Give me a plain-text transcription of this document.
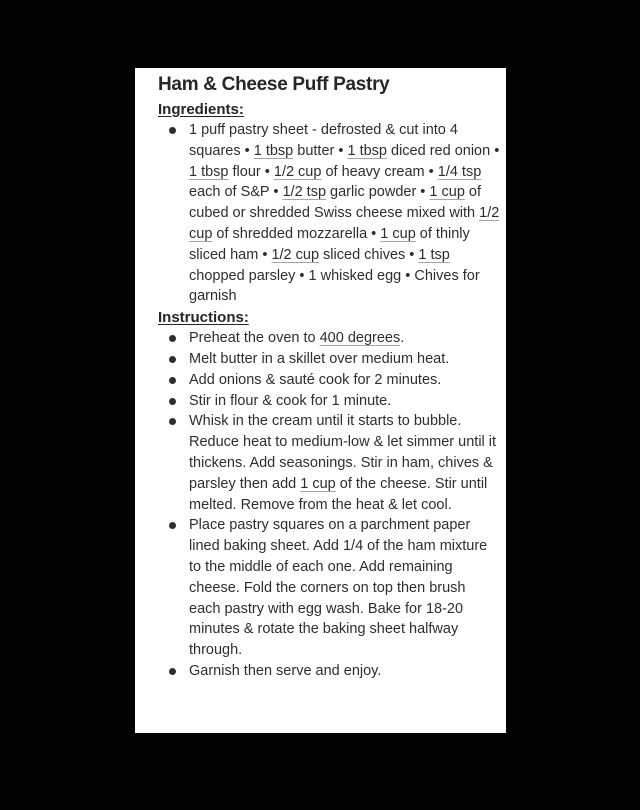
Ham & Cheese Puff Pastry
Ingredients:
1 puff pastry sheet - defrosted & cut into 4 squares • 1 tbsp butter • 1 tbsp diced red onion • 1 tbsp flour • 1/2 cup of heavy cream • 1/4 tsp each of S&P • 1/2 tsp garlic powder • 1 cup of cubed or shredded Swiss cheese mixed with 1/2 cup of shredded mozzarella • 1 cup of thinly sliced ham • 1/2 cup sliced chives • 1 tsp chopped parsley • 1 whisked egg • Chives for garnish
Instructions:
Preheat the oven to 400 degrees.
Melt butter in a skillet over medium heat.
Add onions & sauté cook for 2 minutes.
Stir in flour & cook for 1 minute.
Whisk in the cream until it starts to bubble. Reduce heat to medium-low & let simmer until it thickens. Add seasonings. Stir in ham, chives & parsley then add 1 cup of the cheese. Stir until melted. Remove from the heat & let cool.
Place pastry squares on a parchment paper lined baking sheet. Add 1/4 of the ham mixture to the middle of each one. Add remaining cheese. Fold the corners on top then brush each pastry with egg wash. Bake for 18-20 minutes & rotate the baking sheet halfway through.
Garnish then serve and enjoy.
